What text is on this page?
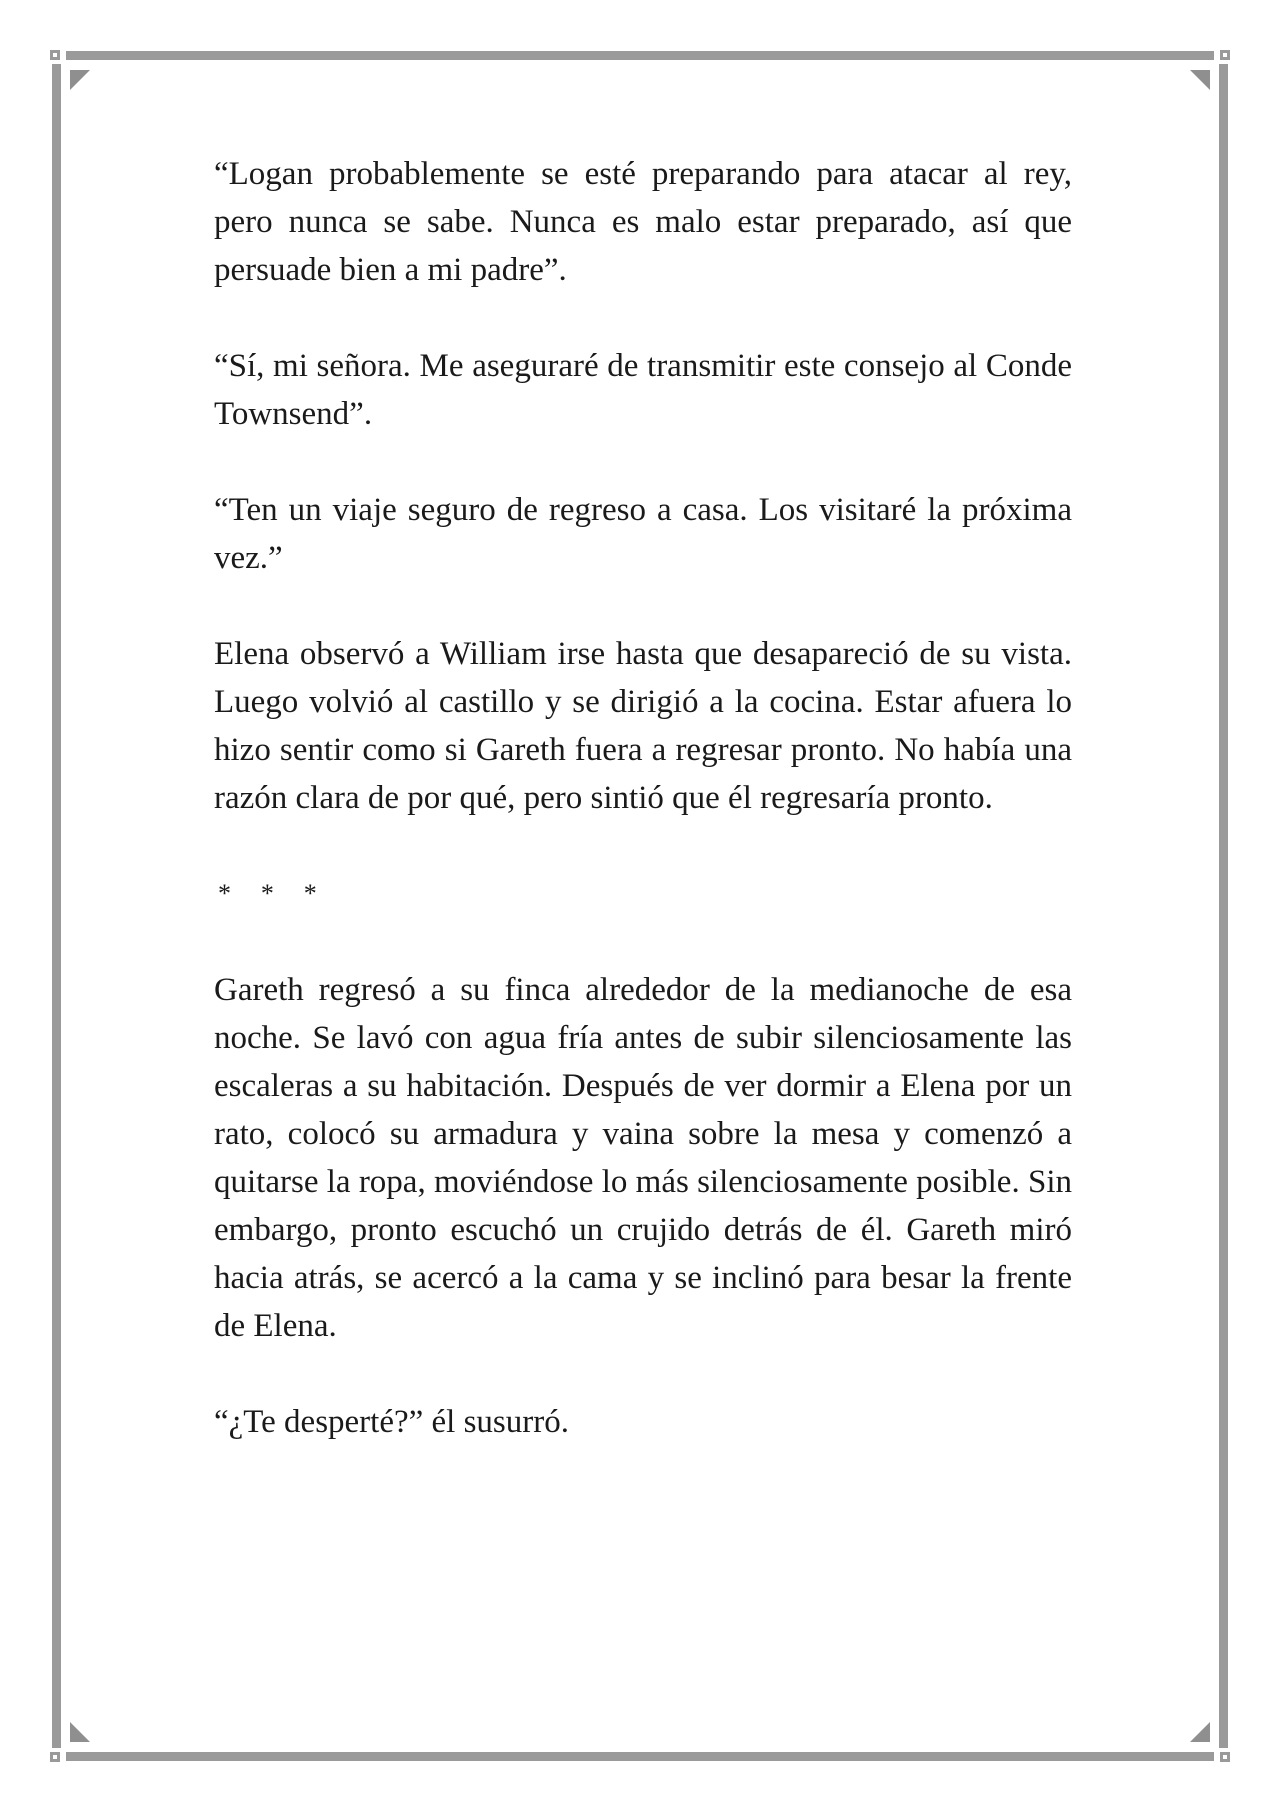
“Logan probablemente se esté preparando para atacar al rey, pero nunca se sabe. Nunca es malo estar preparado, así que persuade bien a mi padre”.

“Sí, mi señora. Me aseguraré de transmitir este consejo al Conde Townsend”.

“Ten un viaje seguro de regreso a casa. Los visitaré la próxima vez.”

Elena observó a William irse hasta que desapareció de su vista. Luego volvió al castillo y se dirigió a la cocina. Estar afuera lo hizo sentir como si Gareth fuera a regresar pronto. No había una razón clara de por qué, pero sintió que él regresaría pronto.

* * *

Gareth regresó a su finca alrededor de la medianoche de esa noche. Se lavó con agua fría antes de subir silenciosamente las escaleras a su habitación. Después de ver dormir a Elena por un rato, colocó su armadura y vaina sobre la mesa y comenzó a quitarse la ropa, moviéndose lo más silenciosamente posible. Sin embargo, pronto escuchó un crujido detrás de él. Gareth miró hacia atrás, se acercó a la cama y se inclinó para besar la frente de Elena.

“¿Te desperté?” él susurró.
